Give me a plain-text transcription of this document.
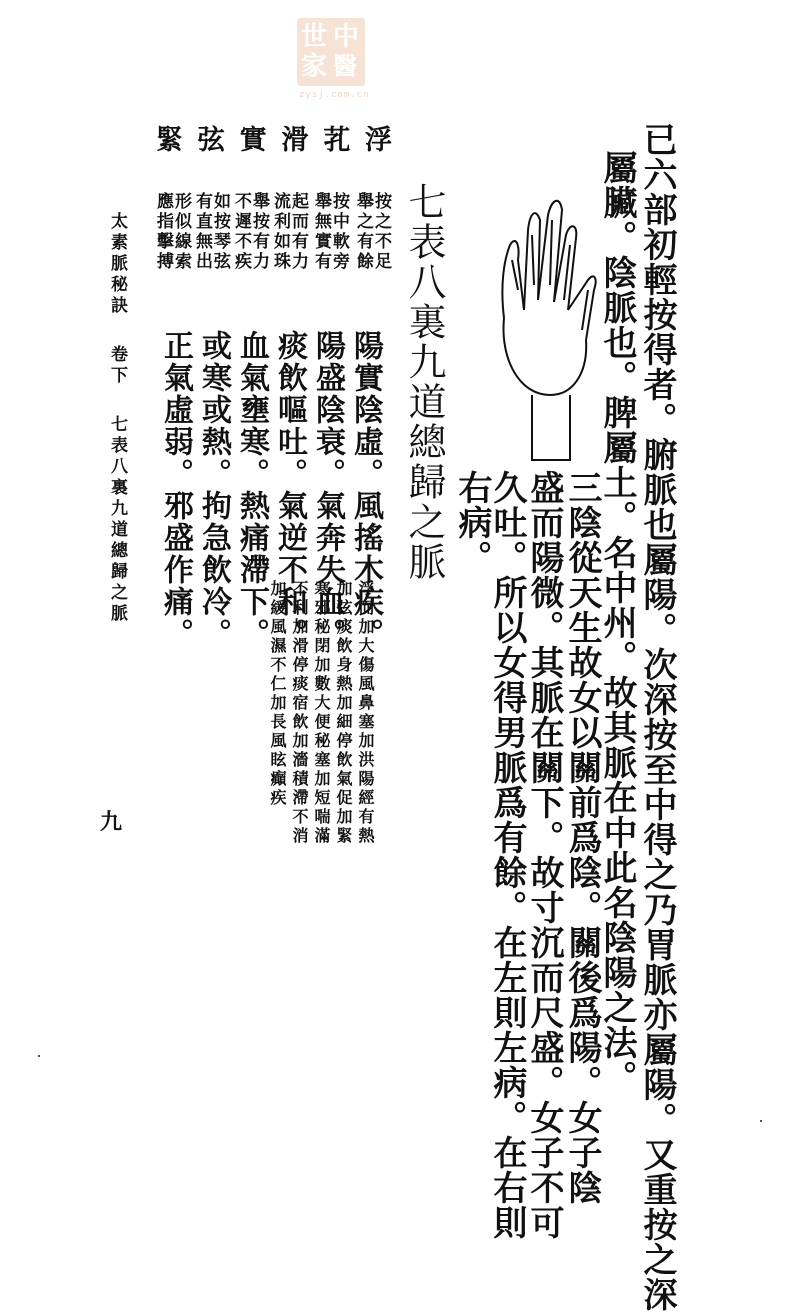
中
醫
世
家
zysj.com.cn
已六部初輕按得者。腑脈也屬陽。次深按至中得之乃胃脈亦屬陽。又重按之深
屬臟。陰脈也。脾屬土。名中州。故其脈在中此名陰陽之法。
三陰從天生故女以關前爲陰。關後爲陽。女子陰
盛而陽微。其脈在關下。故寸沉而尺盛。女子不可
久吐。所以女得男脈爲有餘。在左則左病。在右則
右病。
七表八裏九道總歸之脈
浮
芤
滑
實
弦
緊
按之不足
舉之有餘
按中軟旁
舉無實有
起而有力
流利如珠
舉按有力
不遲不疾
如按琴弦
有直無出
形似線索
應指擊搏
陽實陰虛。風搖木疾。
陽盛陰衰。氣奔失血。
痰飲嘔吐。氣逆不和。
血氣壅寒。熱痛滯下。
或寒或熱。拘急飲冷。
正氣虛弱。邪盛作痛。
浮而加大傷風鼻塞加洪陽經有熱
加弦痰飲身熱加細停飲氣促加緊
寒邪秘閉加數大便秘塞加短喘滿
不利加滑停痰宿飲加濇積滯不消
加緩風濕不仁加長風眩癲疾
太素脈秘訣
卷下
七表八裏九道總歸之脈
九
